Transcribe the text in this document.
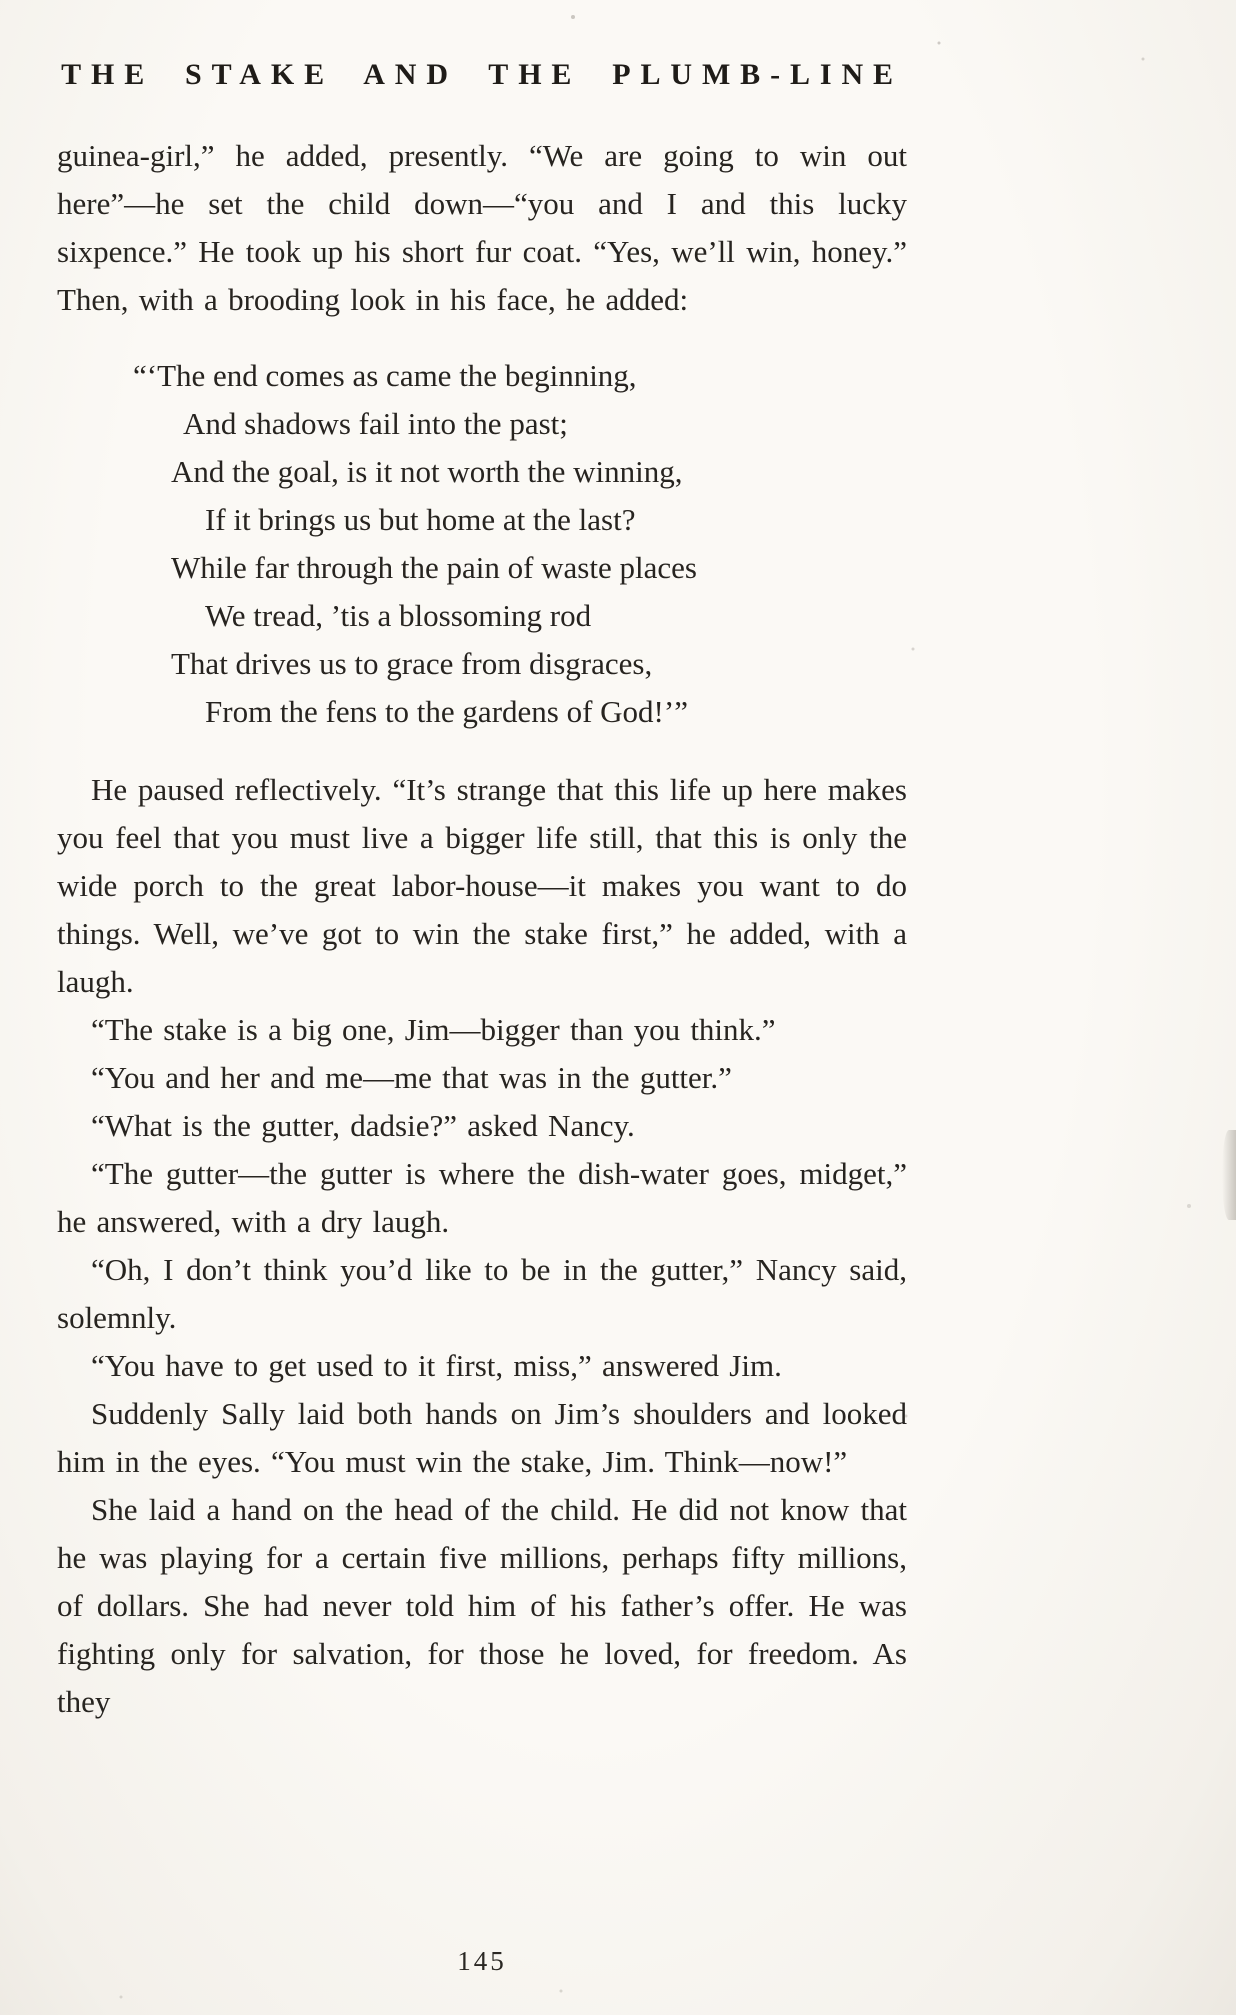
THE STAKE AND THE PLUMB-LINE

guinea-girl,” he added, presently. “We are going to win out here”—he set the child down—“you and I and this lucky sixpence.” He took up his short fur coat. “Yes, we’ll win, honey.” Then, with a brooding look in his face, he added:

“‘The end comes as came the beginning,
And shadows fail into the past;
And the goal, is it not worth the winning,
If it brings us but home at the last?
While far through the pain of waste places
We tread, ’tis a blossoming rod
That drives us to grace from disgraces,
From the fens to the gardens of God!’”

He paused reflectively. “It’s strange that this life up here makes you feel that you must live a bigger life still, that this is only the wide porch to the great labor-house—it makes you want to do things. Well, we’ve got to win the stake first,” he added, with a laugh.

“The stake is a big one, Jim—bigger than you think.”

“You and her and me—me that was in the gutter.”

“What is the gutter, dadsie?” asked Nancy.

“The gutter—the gutter is where the dish-water goes, midget,” he answered, with a dry laugh.

“Oh, I don’t think you’d like to be in the gutter,” Nancy said, solemnly.

“You have to get used to it first, miss,” answered Jim.

Suddenly Sally laid both hands on Jim’s shoulders and looked him in the eyes. “You must win the stake, Jim. Think—now!”

She laid a hand on the head of the child. He did not know that he was playing for a certain five millions, perhaps fifty millions, of dollars. She had never told him of his father’s offer. He was fighting only for salvation, for those he loved, for freedom. As they

145
